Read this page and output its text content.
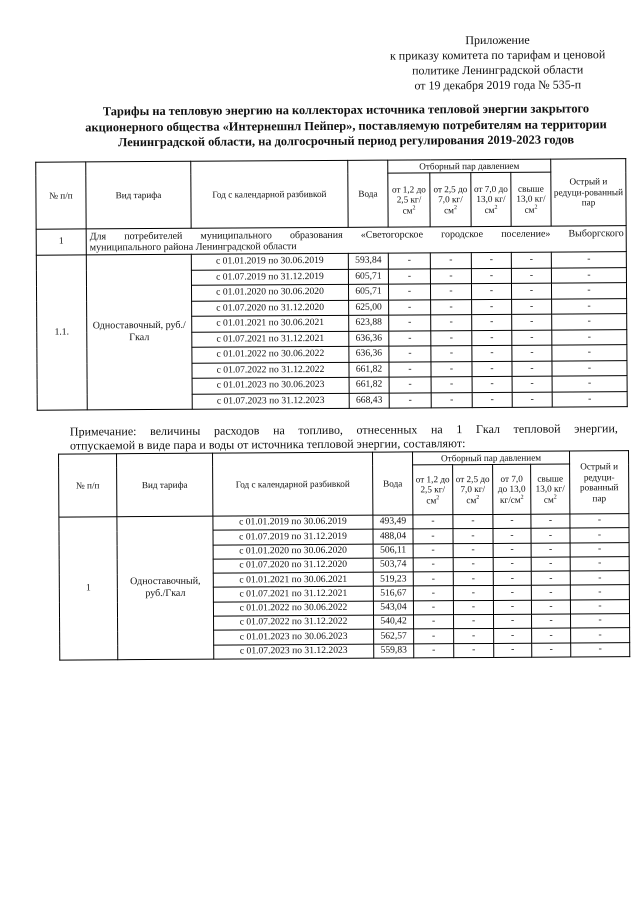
Приложение
к приказу комитета по тарифам и ценовой
политике Ленинградской области
от 19 декабря 2019 года № 535-п
Тарифы на тепловую энергию на коллекторах источника тепловой энергии закрытого
акционерного общества «Интернешнл Пейпер», поставляемую потребителям на территории
Ленинградской области, на долгосрочный период регулирования 2019-2023 годов
№ п/п	Вид тарифа	Год с календарной разбивкой	Вода	Отборный пар давлением				Острый и редуци-рованный пар
				от 1,2 до 2,5 $кг/см^2$	от 2,5 до 7,0 $кг/см^2$	от 7,0 до 13,0 $кг/см^2$	свыше 13,0 $кг/см^2$
1	Для потребителей муниципального образования «Светогорское городское поселение» Выборгского
муниципального района Ленинградской области							

1.1.	Одноставочный, руб./Гкал	с 01.01.2019 по 30.06.2019	593,84	-	-	-	-	-
		с 01.07.2019 по 31.12.2019	605,71	-	-	-	-	-
		с 01.01.2020 по 30.06.2020	605,71	-	-	-	-	-
		с 01.07.2020 по 31.12.2020	625,00	-	-	-	-	-
		с 01.01.2021 по 30.06.2021	623,88	-	-	-	-	-
		с 01.07.2021 по 31.12.2021	636,36	-	-	-	-	-
		с 01.01.2022 по 30.06.2022	636,36	-	-	-	-	-
		с 01.07.2022 по 31.12.2022	661,82	-	-	-	-	-
		с 01.01.2023 по 30.06.2023	661,82	-	-	-	-	-
		с 01.07.2023 по 31.12.2023	668,43	-	-	-	-	-
Примечание: величины расходов на топливо, отнесенных на 1 Гкал тепловой энергии,
отпускаемой в виде пара и воды от источника тепловой энергии, составляют:
№ п/п	Вид тарифа	Год с календарной разбивкой	Вода	Отборный пар давлением				Острый и редуци-рованный пар
				от 1,2 до 2,5 $кг/см^2$	от 2,5 до 7,0 $кг/см^2$	от 7,0 до 13,0 $кг/см^2$	свыше 13,0 $кг/см^2$
1	Одноставочный, руб./Гкал	с 01.01.2019 по 30.06.2019	493,49	-	-	-	-	-
		с 01.07.2019 по 31.12.2019	488,04	-	-	-	-	-
		с 01.01.2020 по 30.06.2020	506,11	-	-	-	-	-
		с 01.07.2020 по 31.12.2020	503,74	-	-	-	-	-
		с 01.01.2021 по 30.06.2021	519,23	-	-	-	-	-
		с 01.07.2021 по 31.12.2021	516,67	-	-	-	-	-
		с 01.01.2022 по 30.06.2022	543,04	-	-	-	-	-
		с 01.07.2022 по 31.12.2022	540,42	-	-	-	-	-
		с 01.01.2023 по 30.06.2023	562,57	-	-	-	-	-
		с 01.07.2023 по 31.12.2023	559,83	-	-	-	-	-
